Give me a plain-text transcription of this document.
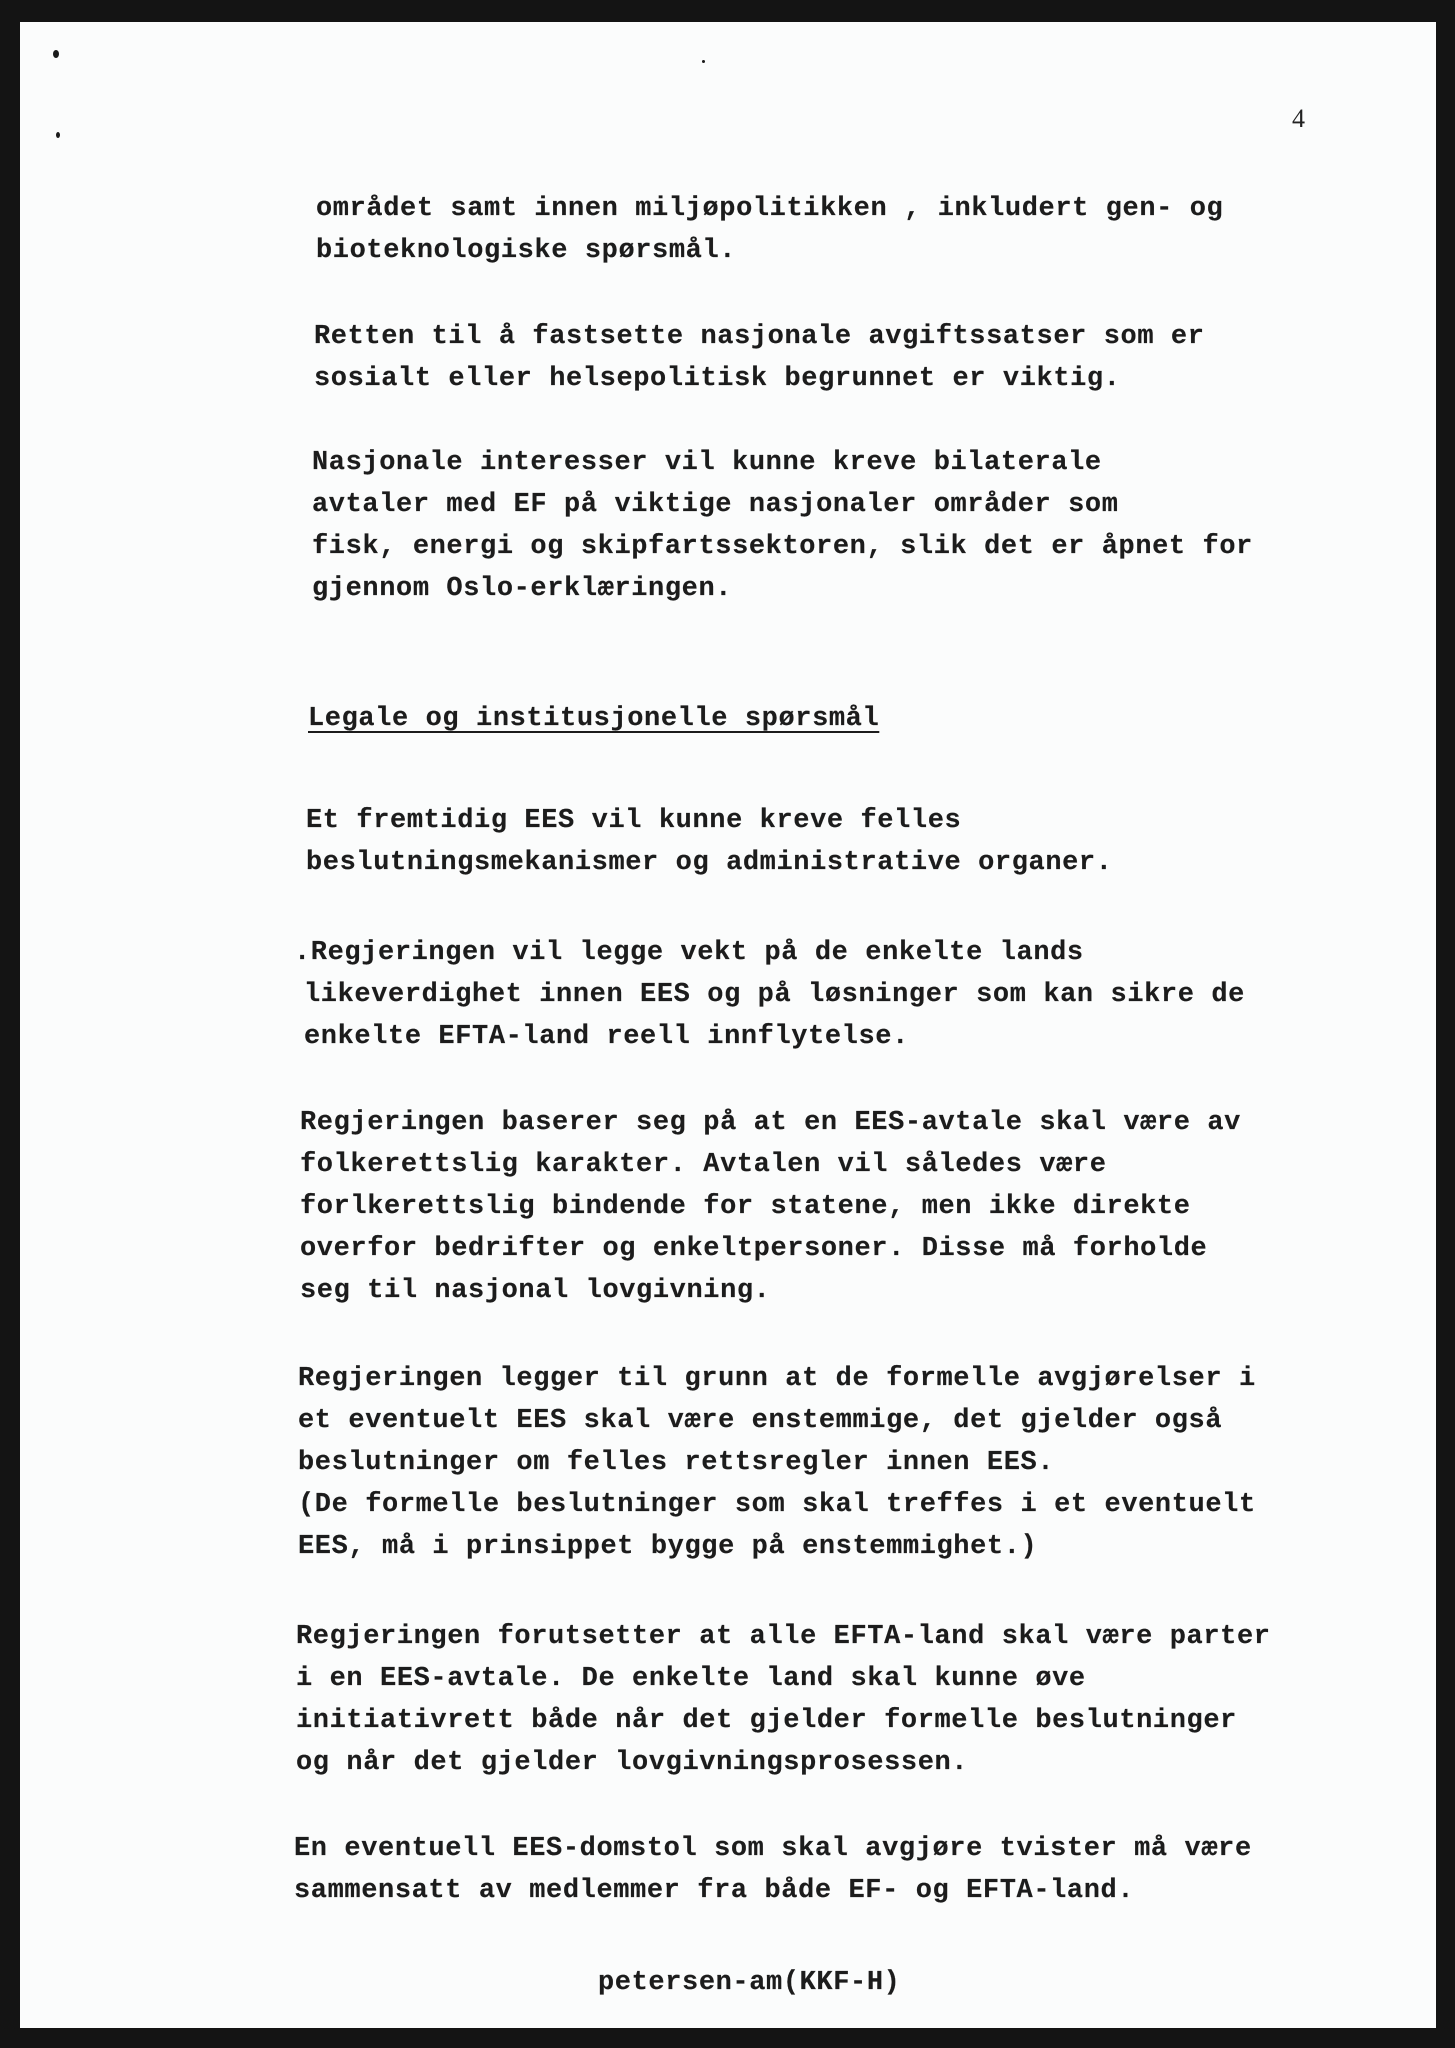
4
området samt innen miljøpolitikken , inkludert gen- og
bioteknologiske spørsmål.
Retten til å fastsette nasjonale avgiftssatser som er
sosialt eller helsepolitisk begrunnet er viktig.
Nasjonale interesser vil kunne kreve bilaterale
avtaler med EF på viktige nasjonaler områder som
fisk, energi og skipfartssektoren, slik det er åpnet for
gjennom Oslo-erklæringen.
Legale og institusjonelle spørsmål
Et fremtidig EES vil kunne kreve felles
beslutningsmekanismer og administrative organer.
.Regjeringen vil legge vekt på de enkelte lands
likeverdighet innen EES og på løsninger som kan sikre de
enkelte EFTA-land reell innflytelse.
Regjeringen baserer seg på at en EES-avtale skal være av
folkerettslig karakter. Avtalen vil således være
forlkerettslig bindende for statene, men ikke direkte
overfor bedrifter og enkeltpersoner. Disse må forholde
seg til nasjonal lovgivning.
Regjeringen legger til grunn at de formelle avgjørelser i
et eventuelt EES skal være enstemmige, det gjelder også
beslutninger om felles rettsregler innen EES.
(De formelle beslutninger som skal treffes i et eventuelt
EES, må i prinsippet bygge på enstemmighet.)
Regjeringen forutsetter at alle EFTA-land skal være parter
i en EES-avtale. De enkelte land skal kunne øve
initiativrett både når det gjelder formelle beslutninger
og når det gjelder lovgivningsprosessen.
En eventuell EES-domstol som skal avgjøre tvister må være
sammensatt av medlemmer fra både EF- og EFTA-land.
petersen-am(KKF-H)
